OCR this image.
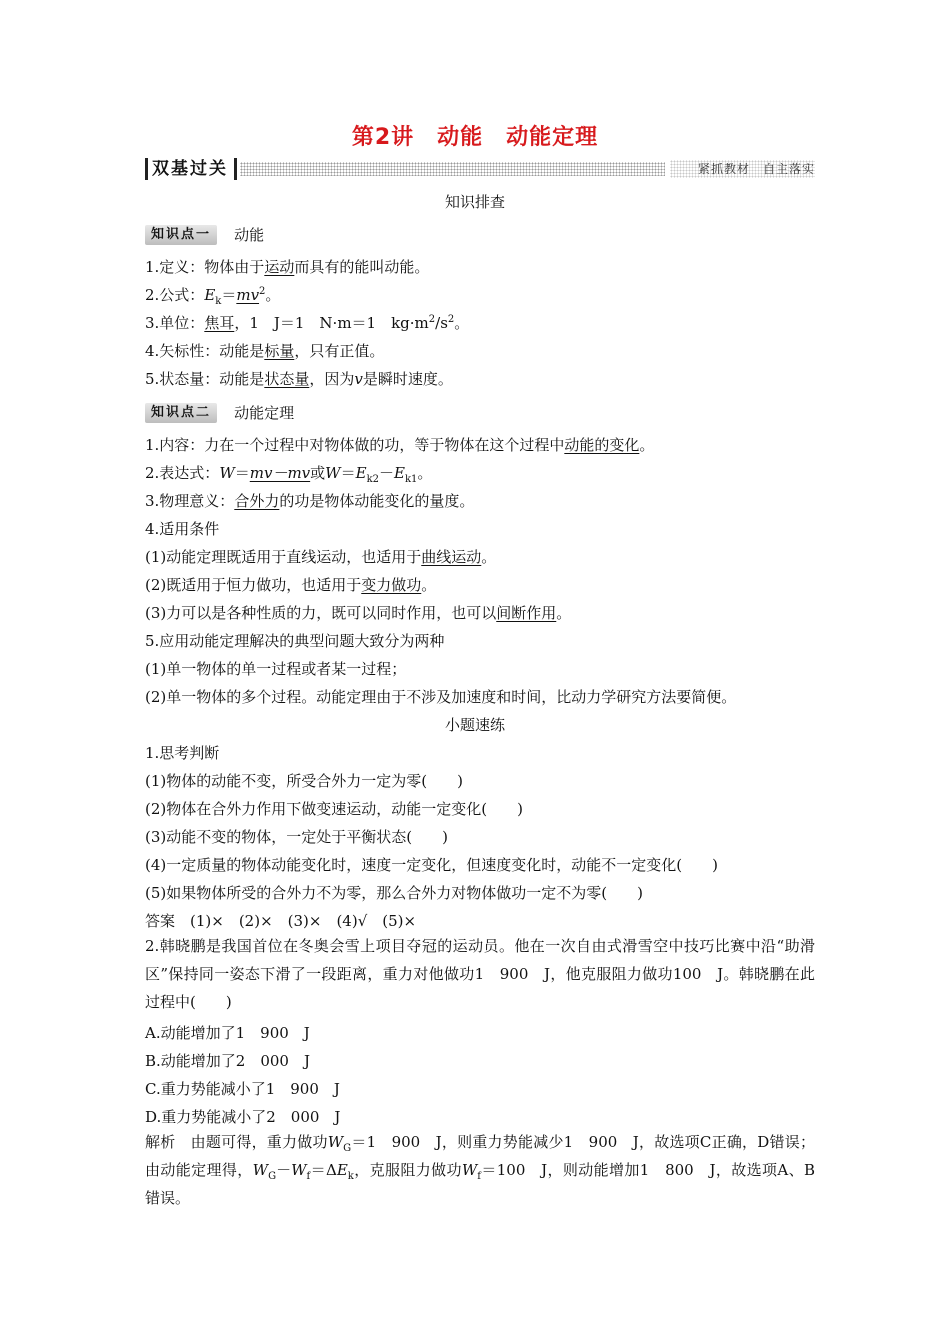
第2讲　动能　动能定理
双基过关	紧抓教材　自主落实
知识排查
知识点一 动能
1.定义：物体由于运动而具有的能叫动能。
2.公式：$E_k=mv^2$。
3.单位：焦耳，1　J＝1　N·m＝1　$kg\cdot m^2/s^2$。
4.矢标性：动能是标量，只有正值。
5.状态量：动能是状态量，因为v是瞬时速度。
知识点二 动能定理
1.内容：力在一个过程中对物体做的功，等于物体在这个过程中动能的变化。
2.表达式：W＝mv－mv或$W=E_{k2}-E_{k1}$。
3.物理意义：合外力的功是物体动能变化的量度。
4.适用条件
(1)动能定理既适用于直线运动，也适用于曲线运动。
(2)既适用于恒力做功，也适用于变力做功。
(3)力可以是各种性质的力，既可以同时作用，也可以间断作用。
5.应用动能定理解决的典型问题大致分为两种
(1)单一物体的单一过程或者某一过程；
(2)单一物体的多个过程。动能定理由于不涉及加速度和时间，比动力学研究方法要简便。
小题速练
1.思考判断
(1)物体的动能不变，所受合外力一定为零(　　)
(2)物体在合外力作用下做变速运动，动能一定变化(　　)
(3)动能不变的物体，一定处于平衡状态(　　)
(4)一定质量的物体动能变化时，速度一定变化，但速度变化时，动能不一定变化(　　)
(5)如果物体所受的合外力不为零，那么合外力对物体做功一定不为零(　　)
答案　(1)×　(2)×　(3)×　(4)√　(5)×
2.韩晓鹏是我国首位在冬奥会雪上项目夺冠的运动员。他在一次自由式滑雪空中技巧比赛中沿“助滑区”保持同一姿态下滑了一段距离，重力对他做功1　900　J，他克服阻力做功100　J。韩晓鹏在此过程中(　　)
A.动能增加了1　900　J
B.动能增加了2　000　J
C.重力势能减小了1　900　J
D.重力势能减小了2　000　J
解析　由题可得，重力做功$W_G=1$　900　J，则重力势能减少1　900　J，故选项C正确，D错误；由动能定理得，$W_G-W_f=\Delta E_k$，克服阻力做功$W_f=100$　J，则动能增加1　800　J，故选项A、B错误。
